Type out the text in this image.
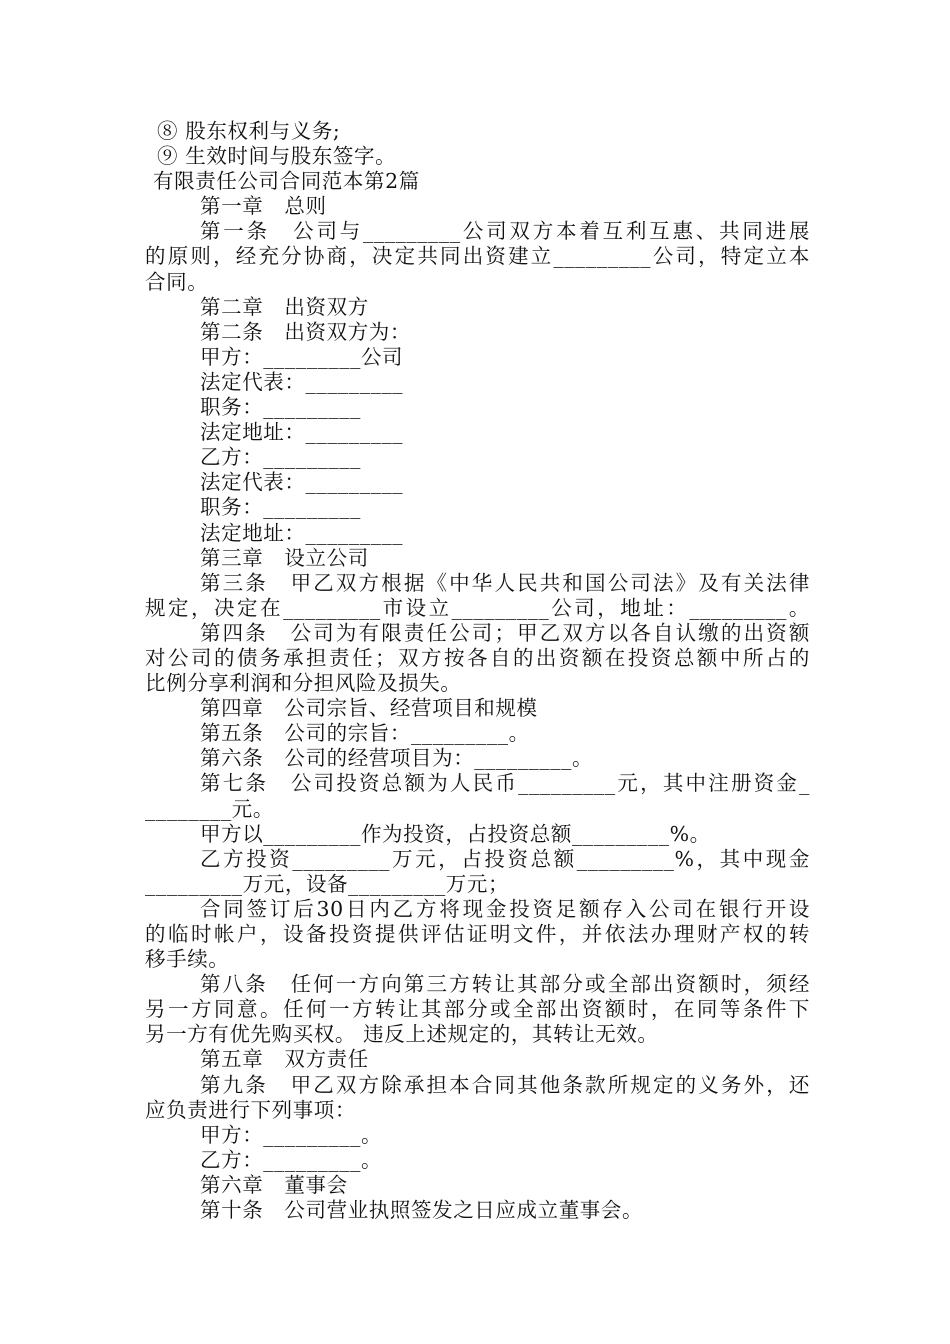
⑧ 股东权利与义务;
⑨ 生效时间与股东签字。
有限责任公司合同范本第2篇
第一章　总则
第一条　公司与_________公司双方本着互利互惠、共同进展
的原则，经充分协商，决定共同出资建立_________公司，特定立本
合同。
第二章　出资双方
第二条　出资双方为：
甲方：_________公司
法定代表：_________
职务：_________
法定地址：_________
乙方：_________
法定代表：_________
职务：_________
法定地址：_________
第三章　设立公司
第三条　甲乙双方根据《中华人民共和国公司法》及有关法律
规定，决定在_________市设立_________公司，地址：_________。
第四条　公司为有限责任公司；甲乙双方以各自认缴的出资额
对公司的债务承担责任；双方按各自的出资额在投资总额中所占的
比例分享利润和分担风险及损失。
第四章　公司宗旨、经营项目和规模
第五条　公司的宗旨：_________。
第六条　公司的经营项目为：_________。
第七条　公司投资总额为人民币_________元，其中注册资金_
________元。
甲方以_________作为投资，占投资总额_________%。
乙方投资_________万元，占投资总额_________%，其中现金
_________万元，设备_________万元；
合同签订后30日内乙方将现金投资足额存入公司在银行开设
的临时帐户，设备投资提供评估证明文件，并依法办理财产权的转
移手续。
第八条　任何一方向第三方转让其部分或全部出资额时，须经
另一方同意。任何一方转让其部分或全部出资额时，在同等条件下
另一方有优先购买权。 违反上述规定的，其转让无效。
第五章　双方责任
第九条　甲乙双方除承担本合同其他条款所规定的义务外，还
应负责进行下列事项：
甲方：_________。
乙方：_________。
第六章　董事会
第十条　公司营业执照签发之日应成立董事会。
